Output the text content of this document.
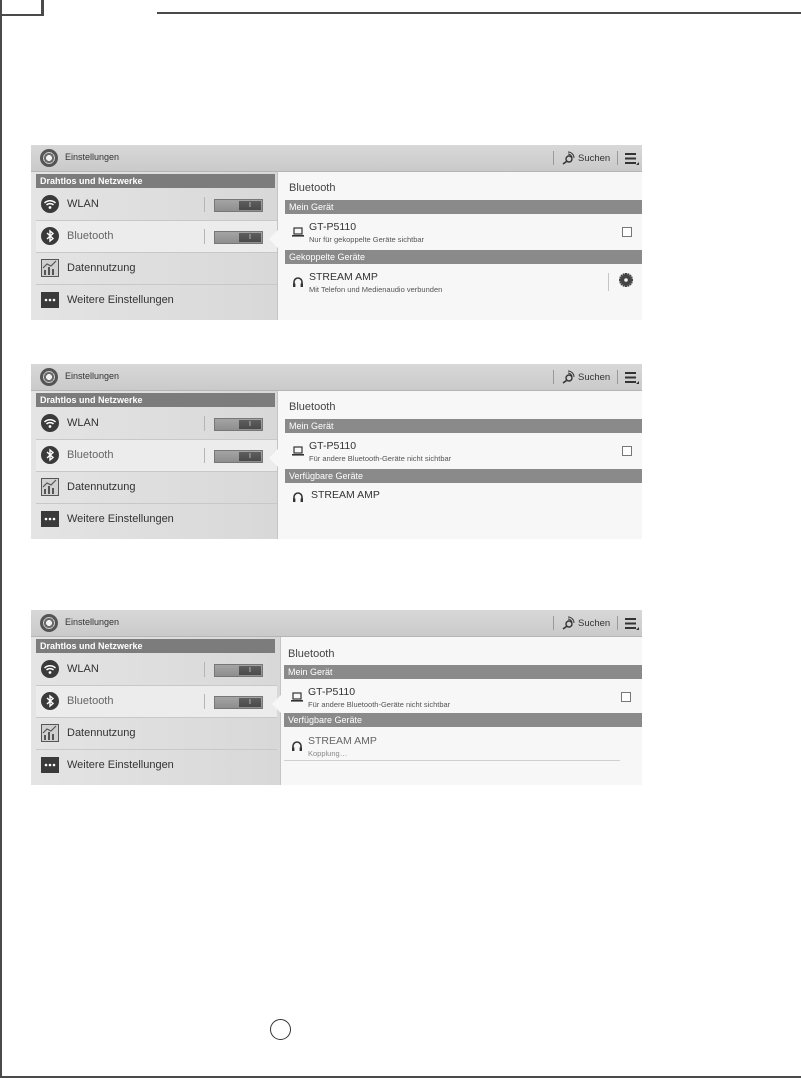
Einstellungen	Suchen
Drahtlos und Netzwerke
WLAN	I
Bluetooth	I
Datennutzung
Weitere Einstellungen
Bluetooth
Mein Gerät
GT-P5110
Nur für gekoppelte Geräte sichtbar
Gekoppelte Geräte
STREAM AMP
Mit Telefon und Medienaudio verbunden
Einstellungen	Suchen
Drahtlos und Netzwerke
WLAN	I
Bluetooth	I
Datennutzung
Weitere Einstellungen
Bluetooth
Mein Gerät
GT-P5110
Für andere Bluetooth-Geräte nicht sichtbar
Verfügbare Geräte
STREAM AMP
Einstellungen	Suchen
Drahtlos und Netzwerke
WLAN	I
Bluetooth	I
Datennutzung
Weitere Einstellungen
Bluetooth
Mein Gerät
GT-P5110
Für andere Bluetooth-Geräte nicht sichtbar
Verfügbare Geräte
STREAM AMP
Kopplung…
